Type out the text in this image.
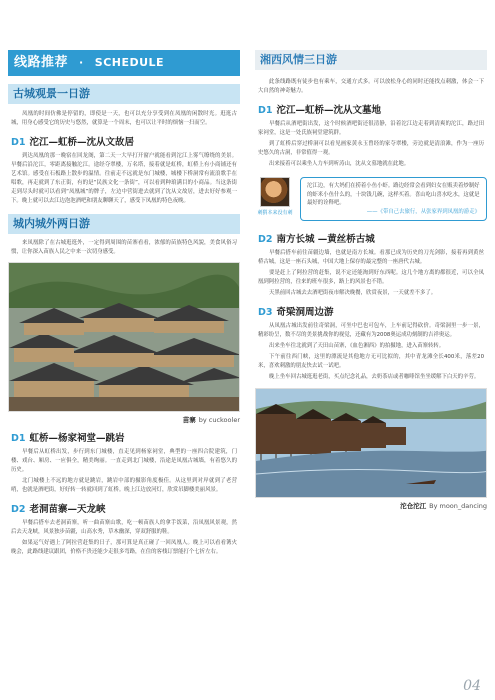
线路推荐 · SCHEDULE
古城观景一日游

凤凰的时间仿佛是停留的，即使是一天，也可以充分享受到在凤凰的闲散时光。逛逛古城，用身心感受它的历史与悠然，就算是一个周末，也可以让平时的烦恼一扫而空。

D1 沱江—虹桥—沈从文故居

到达凤凰的那一晚宿在回龙阁，第二天一大早打开窗户就能看到沱江上雾气缭绕的美景。早餐后沿沱江，零距离接触沱江。途经夺翠楼，万名塔，接着就是虹桥，虹桥上有小商铺还有艺术馆。感受在石板路上散步的温情。往前走不远就是东门城楼，城楼下桥洞常有流浪歌手在唱歌，再走就到了东正街，有的是“民族文化一条街”，可以看到种琅满目的小商品。当这条街走到尽头时就可以看到“凤凰城”的牌子，左边中营街进去就到了沈从文故居，进去好好参观一下。晚上就可以去江边泡泡酒吧和朋友聊聊天了，感受下凤凰的特色夜晚。

城内城外两日游

来凤凰除了在古城逛逛外，一定得到周围的苗寨看看，浓郁的苗族特色风貌，美食风俗习惯，让你深入苗族人民之中来一次切身感受。

苗寨 by cuckooler
D1 虹桥—杨家祠堂—跳岩

早餐后从虹桥出发，步行到东门城楼，直走见到杨家祠堂，典型的一座四合院建筑，门楼、戏台、厢房、一应俱全，精美绚丽。一直走到北门城楼，沿途是凤凰古城墙，有着悠久的历史。

北门城楼上不远的地方就是跳岩，跳岩中部的摄影角度极佳。从这里到对岸就到了老营哨，也就是酒吧街，好好转一转就回到了虹桥。晚上江边放河灯，欣赏吊脚楼美丽风景。

D2 老洞苗寨—天龙峡

早餐后搭车去老洞苗寨，听一曲苗寨山歌，吃一顿苗族人的拿手饭菜，沿凤凰风景观，然后去天龙峡，风景独步苗疆，山高水秀，草木幽深，穿双舒服的鞋。

如果运气好遇上了阿拉营赶集的日子，那可算是真正碰了一回凤凰人。晚上可以看看篝火晚会，此路线建议跟团，价格不贵还能少走很多弯路，在住的客栈订票能打个七折左右。

湘西风情三日游

此条线路既有徒步也有乘车，交通方式多。可以放松身心的同时还能找点刺激，体会一下大自然的神奇魅力。

D1 沱江—虹桥—沈从文墓地

早餐后从酒吧街出发，这个时候酒吧街还很清静，沿着沱江边走着到清爽的沱江，路过田家祠堂，这是一处氏族祠堂建筑群。

到了虹桥后穿过桥洞可以看见画家黄永玉曾经的家夺翠楼，旁边就是清浪滩，作为一座历史悠久的古洞，非常值得一观。

出来接着可以乘坐人力车到听涛山，沈从文墓地就在此地。

刺猬本来没有刺
沱江边，有大妈们在捞着小鱼小虾。路边经常会看到妇女在贩卖着炒制好的虾米小鱼什么的，十块钱几碗，这样买着。喜山吃山喜水吃水，这就是最好的诠释吧。
——《带自己去旅行，从张家界到凤凰的游走》
D2 南方长城 —黄丝桥古城

早餐后搭车前往苗疆边墙，也就是南方长城。看那已成为历史的刀光剑影，接着再到黄丝桥古城，这是一座石头城，中国大地上保存的最完整的一座唐代古城。

要是赶上了阿拉营的赶集，说不定还能淘到好东西呢。这几个地方离的都很近，可以全凤凰到阿拉营的，往来的班车很多，路上的风景也不错。

天黑前回古城去去酒吧街夜市解决晚餐，欣赏夜景，一天就差不多了。

D3 奇梁洞周边游

从凤凰古城出发前往奇梁洞，可坐中巴也可包车，上车前记得砍价。奇梁洞里一步一景，精彩纷呈，数不尽的美景挑战你的视觉，还藏有为2008奥运成功刻制的吉祥奥运。

出来坐车往北就到了天田山苗寨，《血色湘西》的拍摄地，进入苗寨转转。

下午前往西门峡，这里的漂流是其他地方无可比拟的，其中青龙滩全长400米，落差20米，喜欢刺激的朋友快去试一试吧。

晚上坐车回古城逛逛老街，买点纪念礼品，去奶茶店或者咖啡馆坐坐缓解下白天的辛劳。

沱仓沱江 By moon_dancing
04
